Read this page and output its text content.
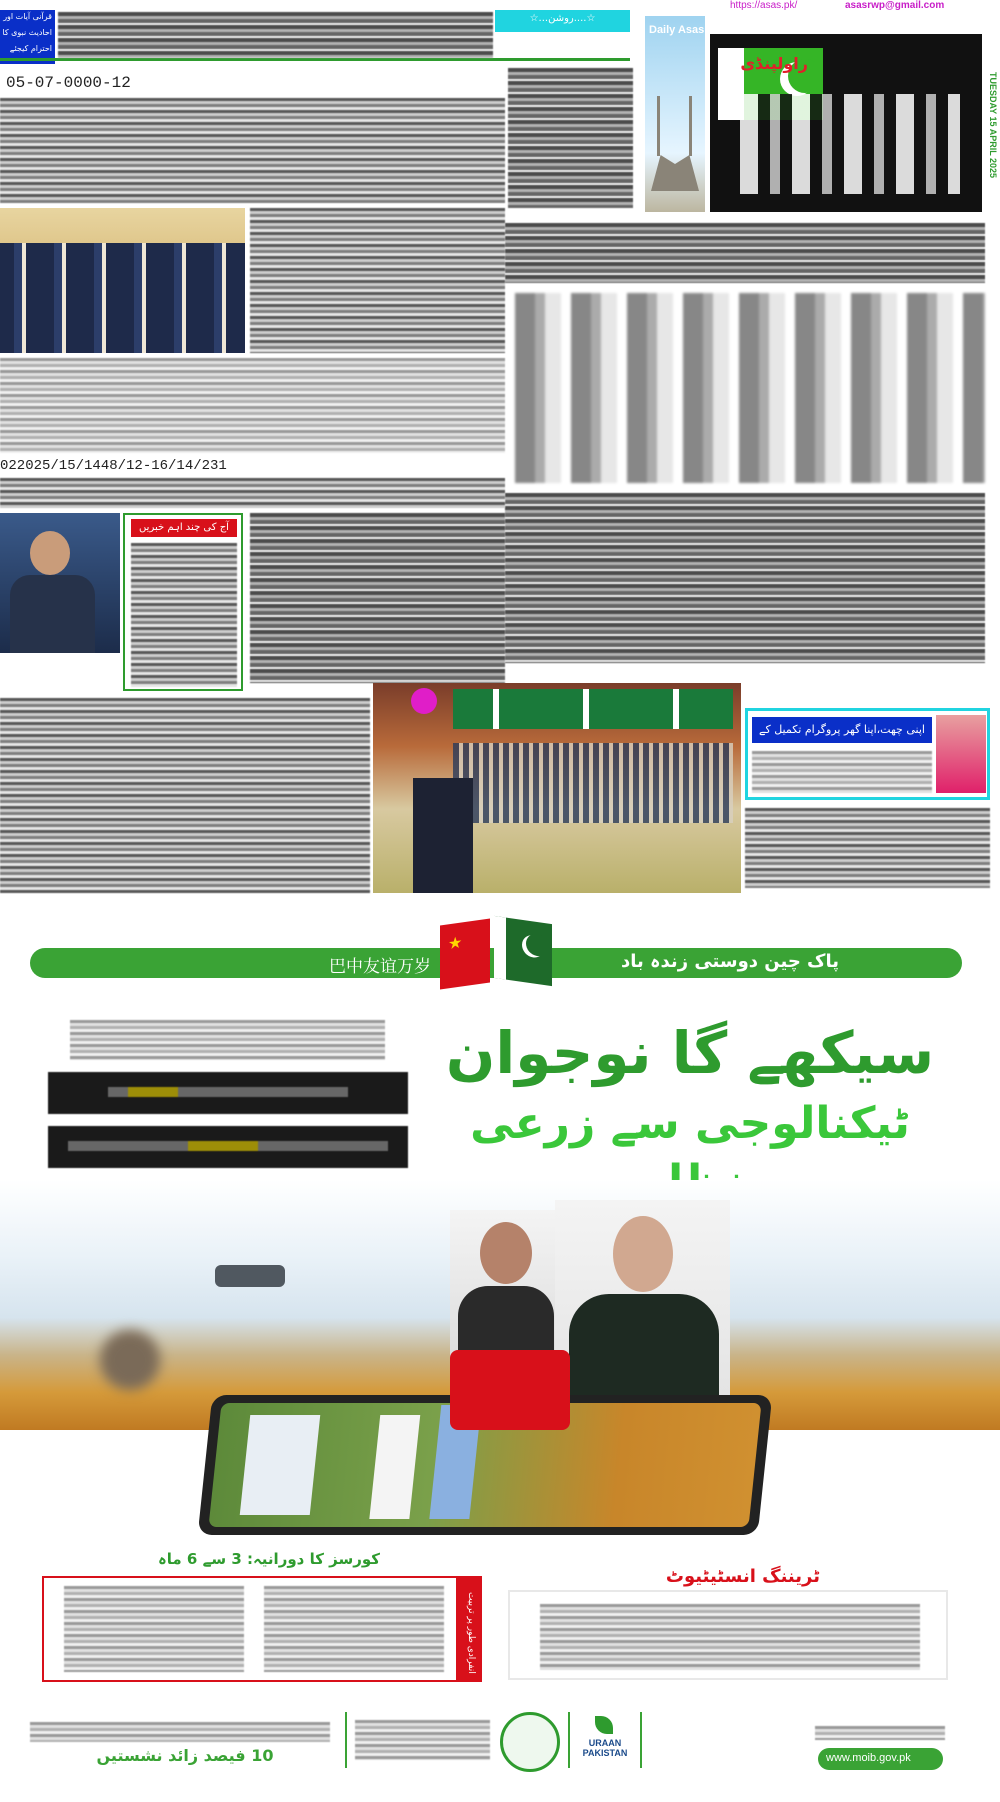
https://asas.pk/	asasrwp@gmail.com
Daily Asas
راولپنڈی
TUESDAY 15 APRIL 2025
☆....روشن...☆
قرآنی آیات اور
احادیث نبوی کا
احترام کیجئے
05-07-0000-12
022025/15/1448/12-16/14/231
آج کی چند اہم خبریں
اپنی چھت،اپنا گھر پروگرام تکمیل کے قریب
巴中友谊万岁	پاک چین دوستی زندہ باد
★
سیکھے گا نوجوان
ٹیکنالوجی سے زرعی
کورسز کا دورانیہ: 3 سے 6 ماہ
انفرادی طور پر تربیت
ٹریننگ انسٹیٹیوٹ
10 فیصد زائد نشستیں
URAAN PAKISTAN	www.moib.gov.pk
